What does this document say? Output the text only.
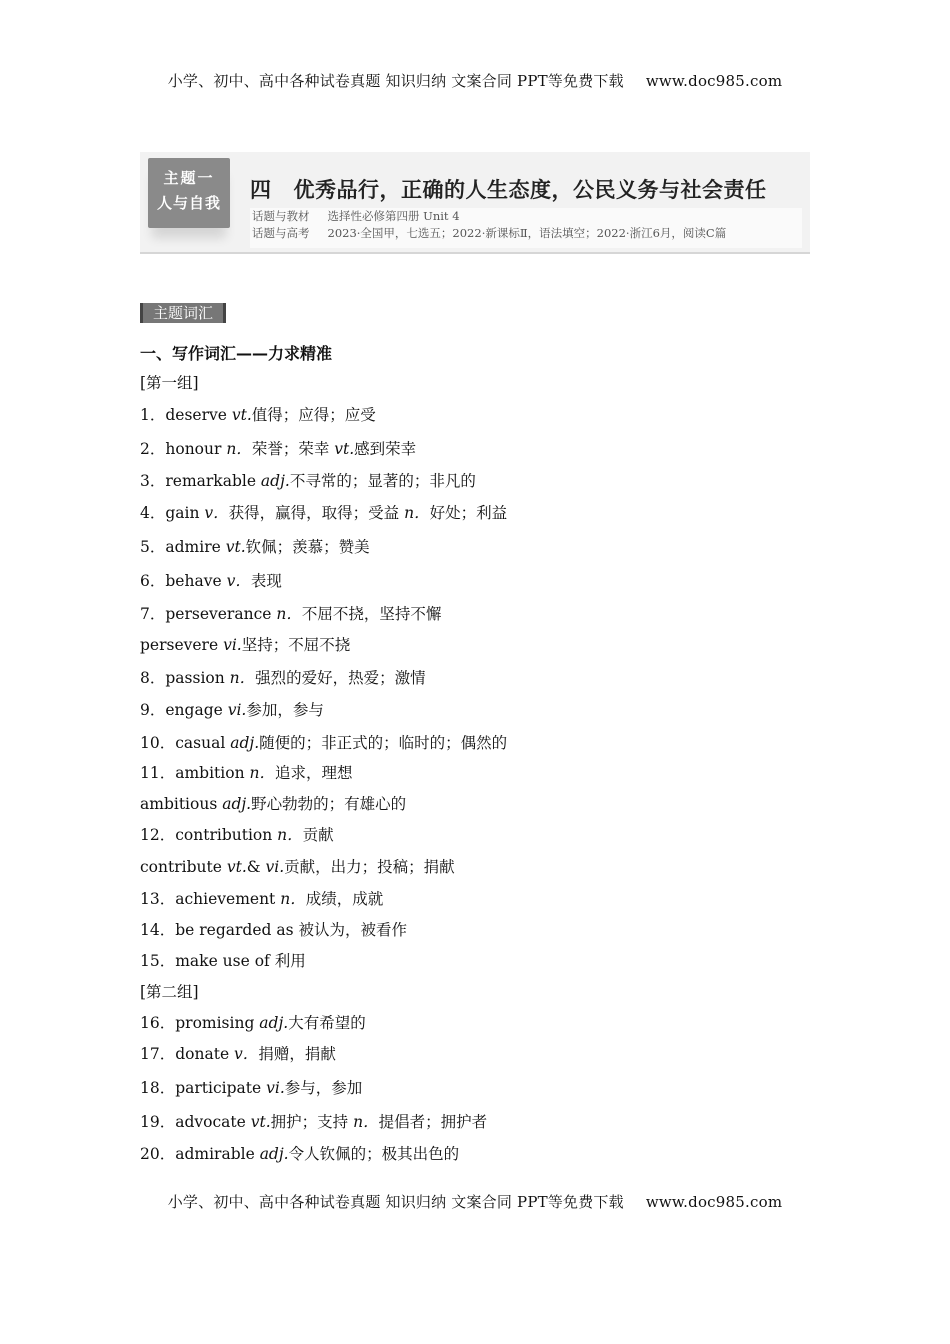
小学、初中、高中各种试卷真题 知识归纳 文案合同 PPT等免费下载 www.doc985.com
主题一
人与自我
四 优秀品行，正确的人生态度，公民义务与社会责任
话题与教材 选择性必修第四册 Unit 4
话题与高考 2023·全国甲，七选五；2022·新课标Ⅱ，语法填空；2022·浙江6月，阅读C篇
主题词汇
一、写作词汇——力求精准
[第一组]
1．deserve vt.值得；应得；应受
2．honour n．荣誉；荣幸 vt.感到荣幸
3．remarkable adj.不寻常的；显著的；非凡的
4．gain v．获得，赢得，取得；受益 n．好处；利益
5．admire vt.钦佩；羡慕；赞美
6．behave v．表现
7．perseverance n．不屈不挠，坚持不懈
persevere vi.坚持；不屈不挠
8．passion n．强烈的爱好，热爱；激情
9．engage vi.参加，参与
10．casual adj.随便的；非正式的；临时的；偶然的
11．ambition n．追求，理想
ambitious adj.野心勃勃的；有雄心的
12．contribution n．贡献
contribute vt.& vi.贡献，出力；投稿；捐献
13．achievement n．成绩，成就
14．be regarded as 被认为，被看作
15．make use of 利用
16．promising adj.大有希望的
17．donate v．捐赠，捐献
18．participate vi.参与，参加
19．advocate vt.拥护；支持 n．提倡者；拥护者
20．admirable adj.令人钦佩的；极其出色的
[第二组]
小学、初中、高中各种试卷真题 知识归纳 文案合同 PPT等免费下载 www.doc985.com
